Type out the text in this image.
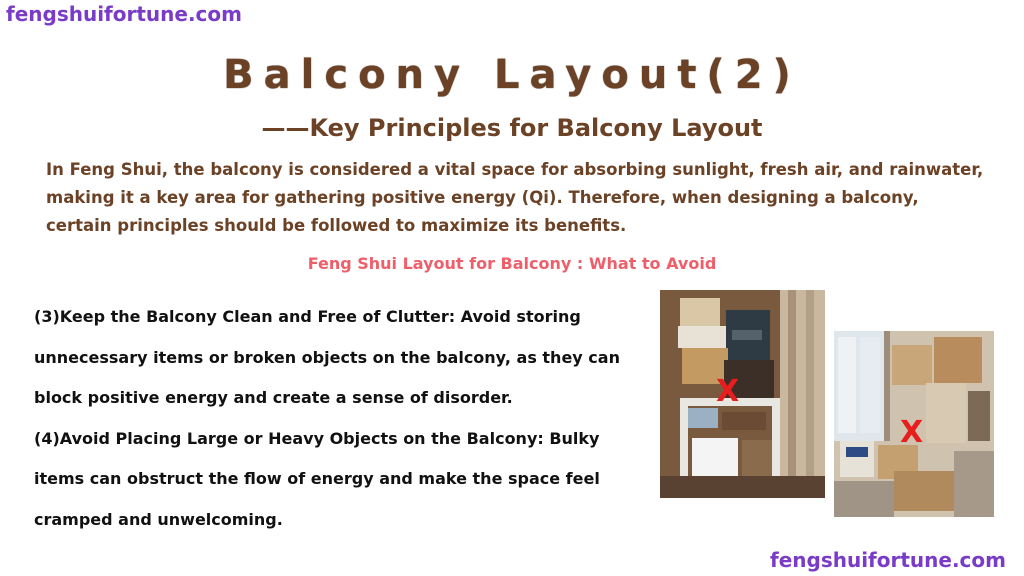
fengshuifortune.com
Balcony Layout(2)
——Key Principles for Balcony Layout
In Feng Shui, the balcony is considered a vital space for absorbing sunlight, fresh air, and rainwater, making it a key area for gathering positive energy (Qi). Therefore, when designing a balcony, certain principles should be followed to maximize its benefits.
Feng Shui Layout for Balcony : What to Avoid

(3)Keep the Balcony Clean and Free of Clutter: Avoid storing unnecessary items or broken objects on the balcony, as they can block positive energy and create a sense of disorder.

(4)Avoid Placing Large or Heavy Objects on the Balcony: Bulky items can obstruct the flow of energy and make the space feel cramped and unwelcoming.

X
X
fengshuifortune.com
